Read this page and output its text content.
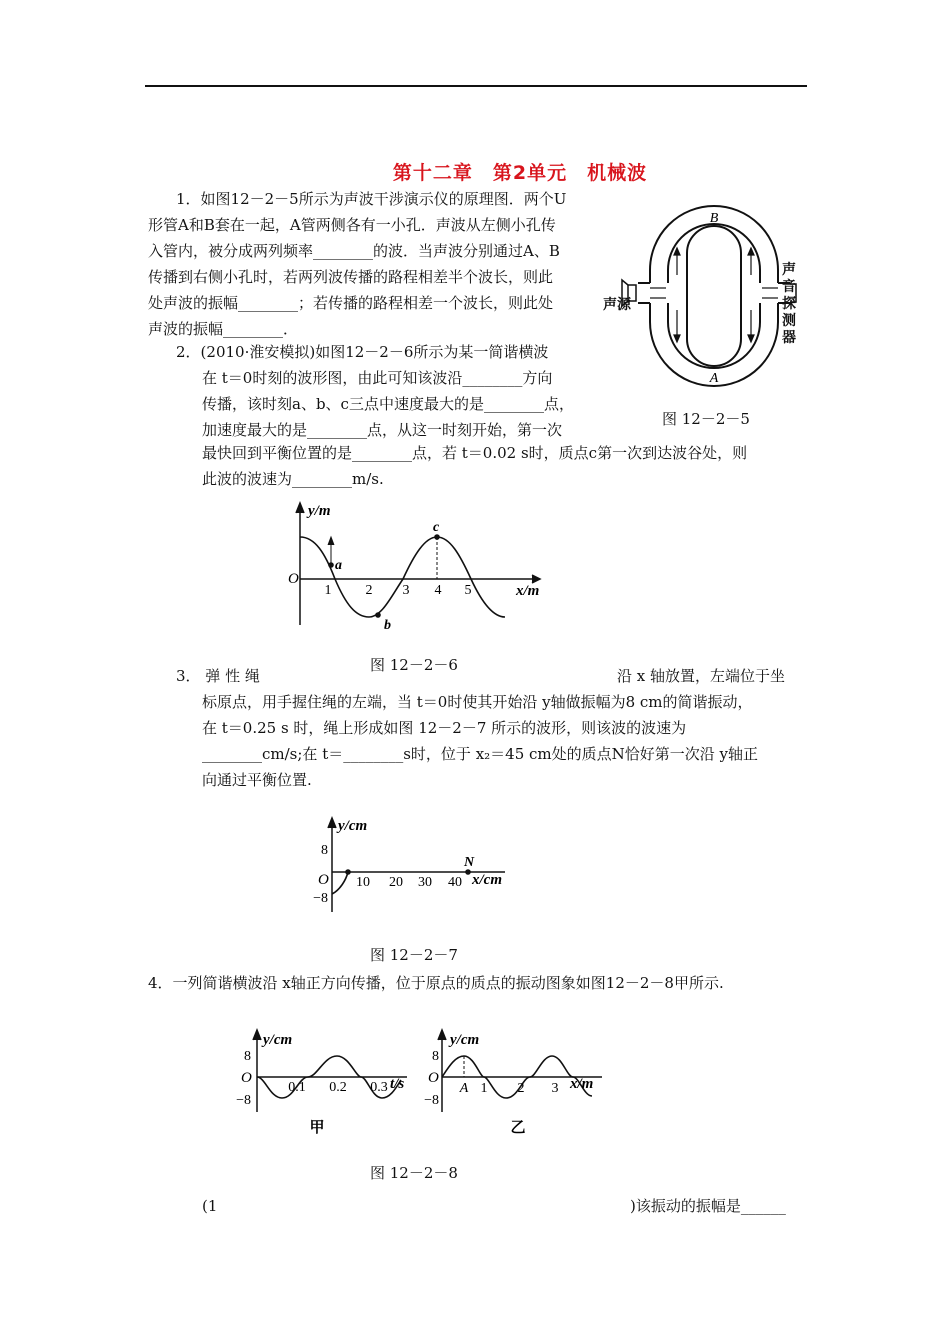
第十二章　第2单元　机械波
1．如图12－2－5所示为声波干涉演示仪的原理图．两个U
形管A和B套在一起，A管两侧各有一小孔．声波从左侧小孔传
入管内，被分成两列频率________的波．当声波分别通过A、B
传播到右侧小孔时，若两列波传播的路程相差半个波长，则此
处声波的振幅________；若传播的路程相差一个波长，则此处
声波的振幅________．
B
A
声源
声
音
探
测
器
图 12－2－5
2．(2010·淮安模拟)如图12－2－6所示为某一简谐横波
在 t＝0时刻的波形图，由此可知该波沿________方向
传播，该时刻a、b、c三点中速度最大的是________点，
加速度最大的是________点，从这一时刻开始，第一次
最快回到平衡位置的是________点，若 t＝0.02 s时，质点c第一次到达波谷处，则
此波的波速为________m/s.
y/m
x/m
O
1 2 3 4 5
a
b
c
图 12－2－6
3． 弹 性 绳	沿 x 轴放置，左端位于坐
标原点，用手握住绳的左端，当 t＝0时使其开始沿 y轴做振幅为8 cm的简谐振动，
在 t＝0.25 s 时，绳上形成如图 12－2－7 所示的波形，则该波的波速为
________cm/s;在 t＝________s时，位于 x₂＝45 cm处的质点N恰好第一次沿 y轴正
向通过平衡位置.
y/cm
x/cm
O
8
−8
10 20 30 40
N
图 12－2－7
4．一列简谐横波沿 x轴正方向传播，位于原点的质点的振动图象如图12－2－8甲所示.
y/cm
t/s
O
8
−8
0.1 0.2 0.3
甲
y/cm
x/m
O
8
−8
1 2 3
A
乙
图 12－2－8
(1	)该振动的振幅是______
